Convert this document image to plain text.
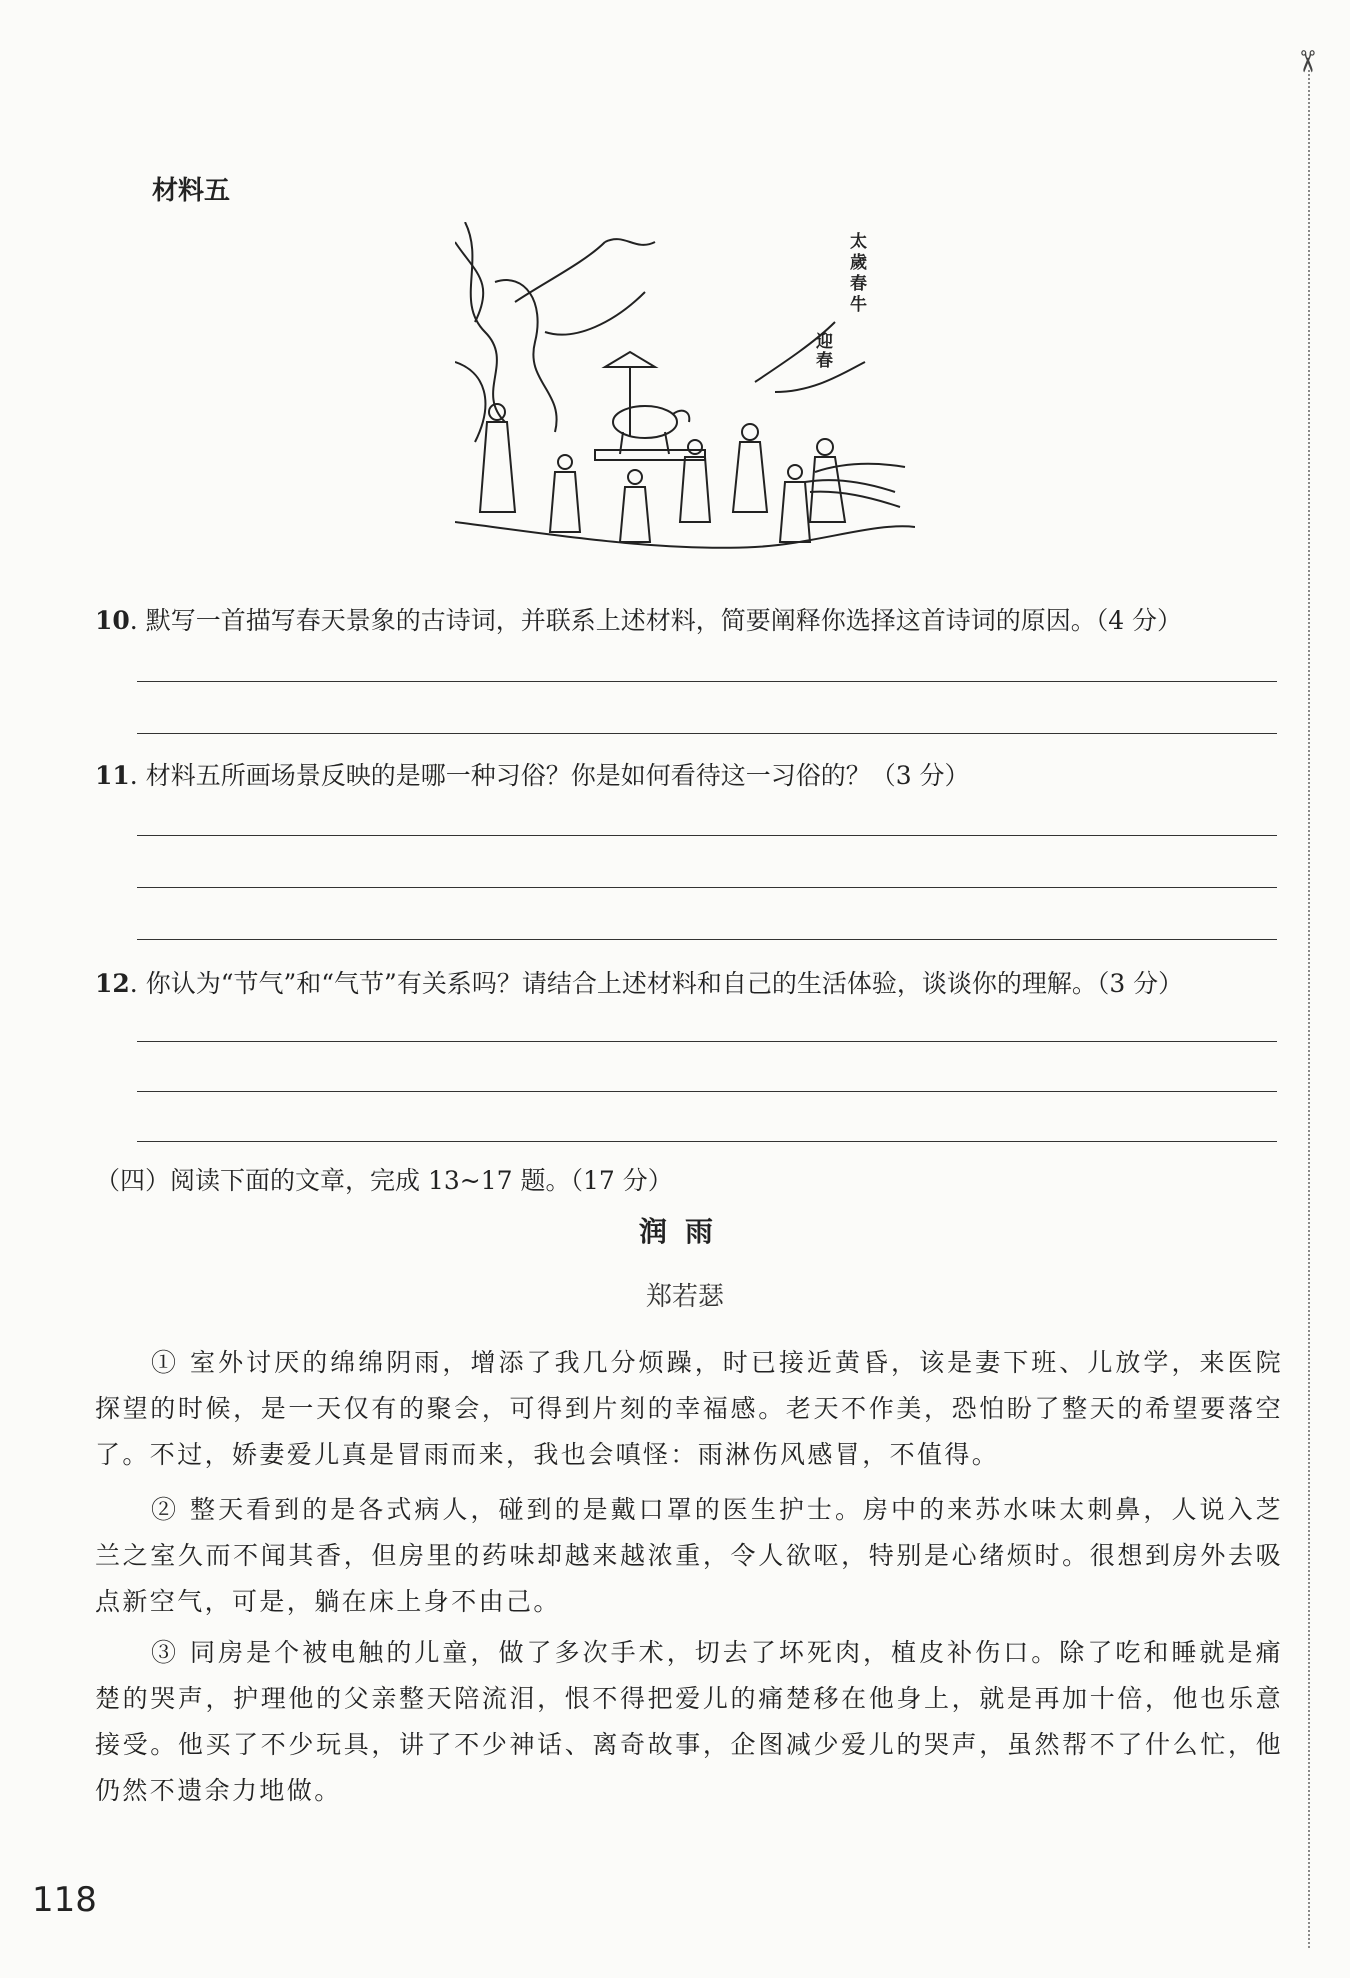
✂
材料五
太歲春牛
迎春
10. 默写一首描写春天景象的古诗词，并联系上述材料，简要阐释你选择这首诗词的原因。（4 分）
11. 材料五所画场景反映的是哪一种习俗？你是如何看待这一习俗的？（3 分）
12. 你认为“节气”和“气节”有关系吗？请结合上述材料和自己的生活体验，谈谈你的理解。（3 分）
（四）阅读下面的文章，完成 13~17 题。（17 分）
润雨
郑若瑟
① 室外讨厌的绵绵阴雨，增添了我几分烦躁，时已接近黄昏，该是妻下班、儿放学，来医院探望的时候，是一天仅有的聚会，可得到片刻的幸福感。老天不作美，恐怕盼了整天的希望要落空了。不过，娇妻爱儿真是冒雨而来，我也会嗔怪：雨淋伤风感冒，不值得。
② 整天看到的是各式病人，碰到的是戴口罩的医生护士。房中的来苏水味太刺鼻，人说入芝兰之室久而不闻其香，但房里的药味却越来越浓重，令人欲呕，特别是心绪烦时。很想到房外去吸点新空气，可是，躺在床上身不由己。
③ 同房是个被电触的儿童，做了多次手术，切去了坏死肉，植皮补伤口。除了吃和睡就是痛楚的哭声，护理他的父亲整天陪流泪，恨不得把爱儿的痛楚移在他身上，就是再加十倍，他也乐意接受。他买了不少玩具，讲了不少神话、离奇故事，企图减少爱儿的哭声，虽然帮不了什么忙，他仍然不遗余力地做。
118
